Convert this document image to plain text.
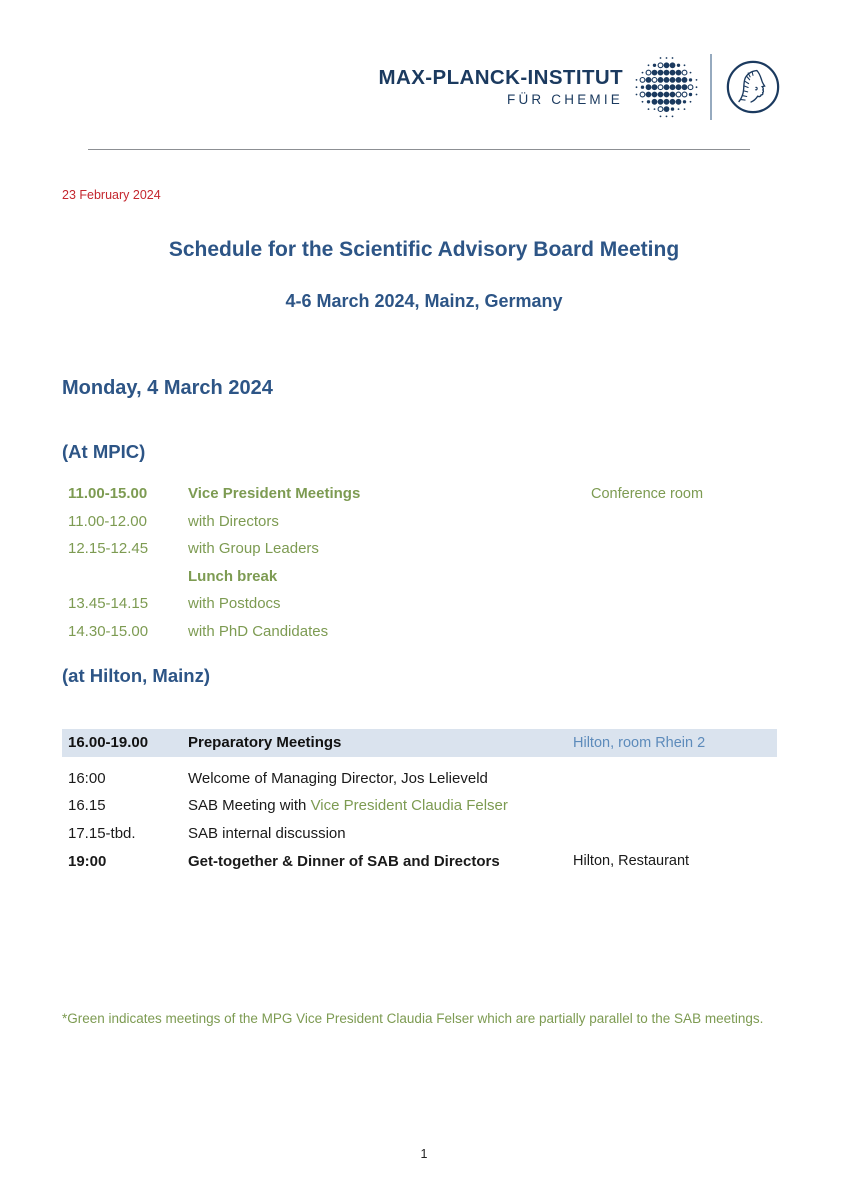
MAX-PLANCK-INSTITUT
FÜR CHEMIE
23 February 2024
Schedule for the Scientific Advisory Board Meeting
4-6 March 2024, Mainz, Germany
Monday, 4 March 2024
(At MPIC)
11.00-15.00	Vice President Meetings	Conference room
11.00-12.00	with Directors
12.15-12.45	with Group Leaders
Lunch break
13.45-14.15	with Postdocs
14.30-15.00	with PhD Candidates
(at Hilton, Mainz)
16.00-19.00	Preparatory Meetings	Hilton, room Rhein 2
16:00	Welcome of Managing Director, Jos Lelieveld
16.15	SAB Meeting with Vice President Claudia Felser
17.15-tbd.	SAB internal discussion
19:00	Get-together & Dinner of SAB and Directors	Hilton, Restaurant
*Green indicates meetings of the MPG Vice President Claudia Felser which are partially parallel to the SAB meetings.
1
